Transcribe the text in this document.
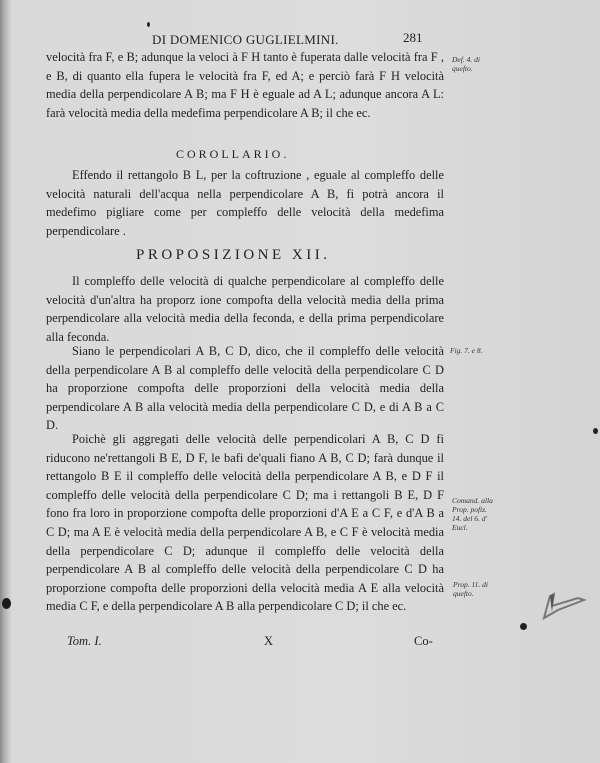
DI DOMENICO GUGLIELMINI.	281

velocità fra F, e B; adunque la veloci à F H tanto è fuperata dalle velocità fra F , e B, di quanto ella fupera le velocità fra F, ed A; e perciò farà F H velocità media della perpendicolare A B; ma F H è eguale ad A L; adunque ancora A L: farà velocità media della medefima perpendicolare A B; il che ec.

COROLLARIO.

Effendo il rettangolo B L, per la coftruzione , eguale al compleffo delle velocità naturali dell'acqua nella perpendicolare A B, fi potrà ancora il medefimo pigliare come per compleffo delle velocità della medefima perpendicolare .

PROPOSIZIONE XII.

Il compleffo delle velocità di qualche perpendicolare al compleffo delle velocità d'un'altra ha proporz ione compofta della velocità media della prima perpendicolare alla velocità media della feconda, e della prima perpendicolare alla feconda.

Siano le perpendicolari A B, C D, dico, che il compleffo delle velocità della perpendicolare A B al compleffo delle velocità della perpendicolare C D ha proporzione compofta delle proporzioni della velocità media della perpendicolare A B alla velocità media della perpendicolare C D, e di A B a C D.

Poichè gli aggregati delle velocità delle perpendicolari A B, C D fi riducono ne'rettangoli B E, D F, le bafi de'quali fiano A B, C D; farà dunque il rettangolo B E il compleffo delle velocità della perpendicolare A B, e D F il compleffo delle velocità della perpendicolare C D; ma i rettangoli B E, D F fono fra loro in proporzione compofta delle proporzioni d'A E a C F, e d'A B a C D; ma A E è velocità media della perpendicolare A B, e C F è velocità media della perpendicolare C D; adunque il compleffo delle velocità della perpendicolare A B al compleffo delle velocità della perpendicolare C D ha proporzione compofta delle proporzioni della velocità media A E alla velocità media C F, e della perpendicolare A B alla perpendicolare C D; il che ec.

Def. 4. di quefto.
Fig. 7. e 8.
Comand. alla Prop. pofiz. 14. del 6. d' Eucl.
Prop. 11. di quefto.
Tom. I.	X	Co-
